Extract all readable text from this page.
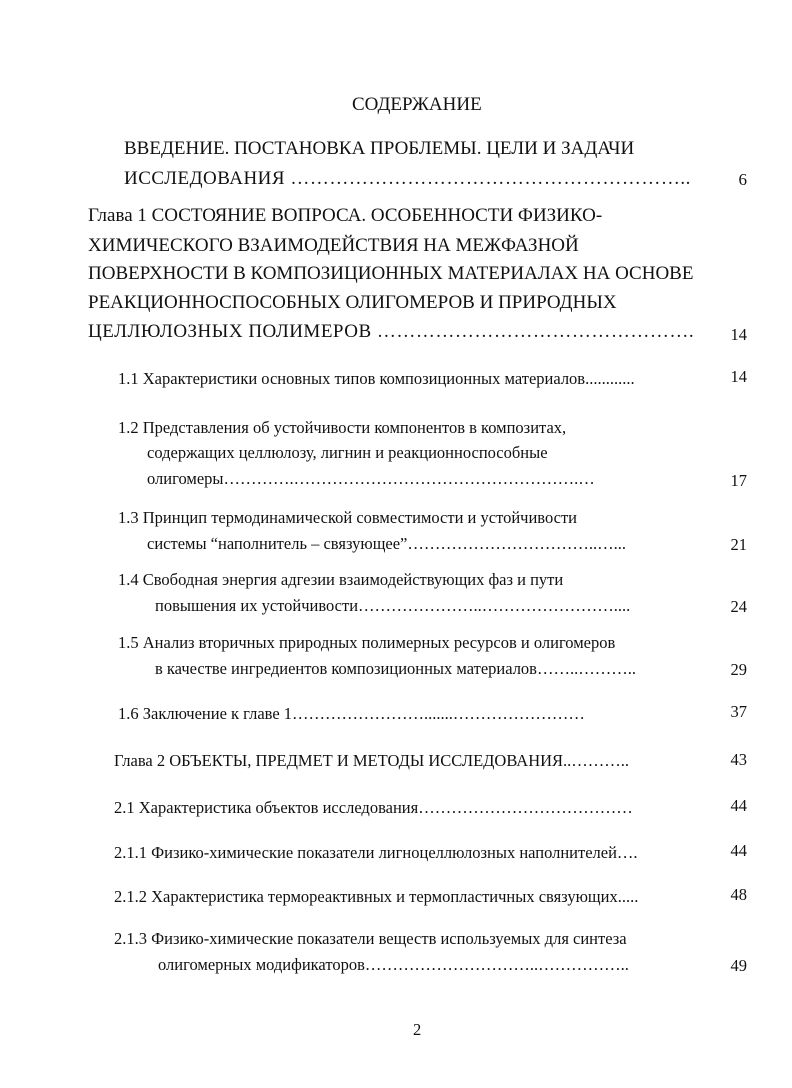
СОДЕРЖАНИЕ
ВВЕДЕНИЕ. ПОСТАНОВКА ПРОБЛЕМЫ. ЦЕЛИ И ЗАДАЧИ
ИССЛЕДОВАНИЯ ……………………………………………………..	6
Глава 1 СОСТОЯНИЕ ВОПРОСА. ОСОБЕННОСТИ ФИЗИКО-
ХИМИЧЕСКОГО ВЗАИМОДЕЙСТВИЯ НА МЕЖФАЗНОЙ
ПОВЕРХНОСТИ В КОМПОЗИЦИОННЫХ МАТЕРИАЛАХ НА ОСНОВЕ
РЕАКЦИОННОСПОСОБНЫХ ОЛИГОМЕРОВ И ПРИРОДНЫХ
ЦЕЛЛЮЛОЗНЫХ ПОЛИМЕРОВ …………………………………………. 14
1.1 Характеристики основных типов композиционных материалов............	14
1.2 Представления об устойчивости компонентов в композитах,
содержащих целлюлозу, лигнин и реакционноспособные
олигомеры………….…………………………………………….…	17
1.3 Принцип термодинамической совместимости и устойчивости
системы “наполнитель – связующее”……………………………..…...	21
1.4 Свободная энергия адгезии взаимодействующих фаз и пути
повышения их устойчивости…………………..……………………....	24
1.5 Анализ вторичных природных полимерных ресурсов и олигомеров
в качестве ингредиентов композиционных материалов……..………..	29
1.6 Заключение к главе 1…………………….......……………………	37
Глава 2 ОБЪЕКТЫ, ПРЕДМЕТ И МЕТОДЫ ИССЛЕДОВАНИЯ..………..	43
2.1 Характеристика объектов исследования…………………………………	44
2.1.1 Физико-химические показатели лигноцеллюлозных наполнителей….	44
2.1.2 Характеристика термореактивных и термопластичных связующих.....	48
2.1.3 Физико-химические показатели веществ используемых для синтеза
олигомерных модификаторов…………………………..……………..	49
2
